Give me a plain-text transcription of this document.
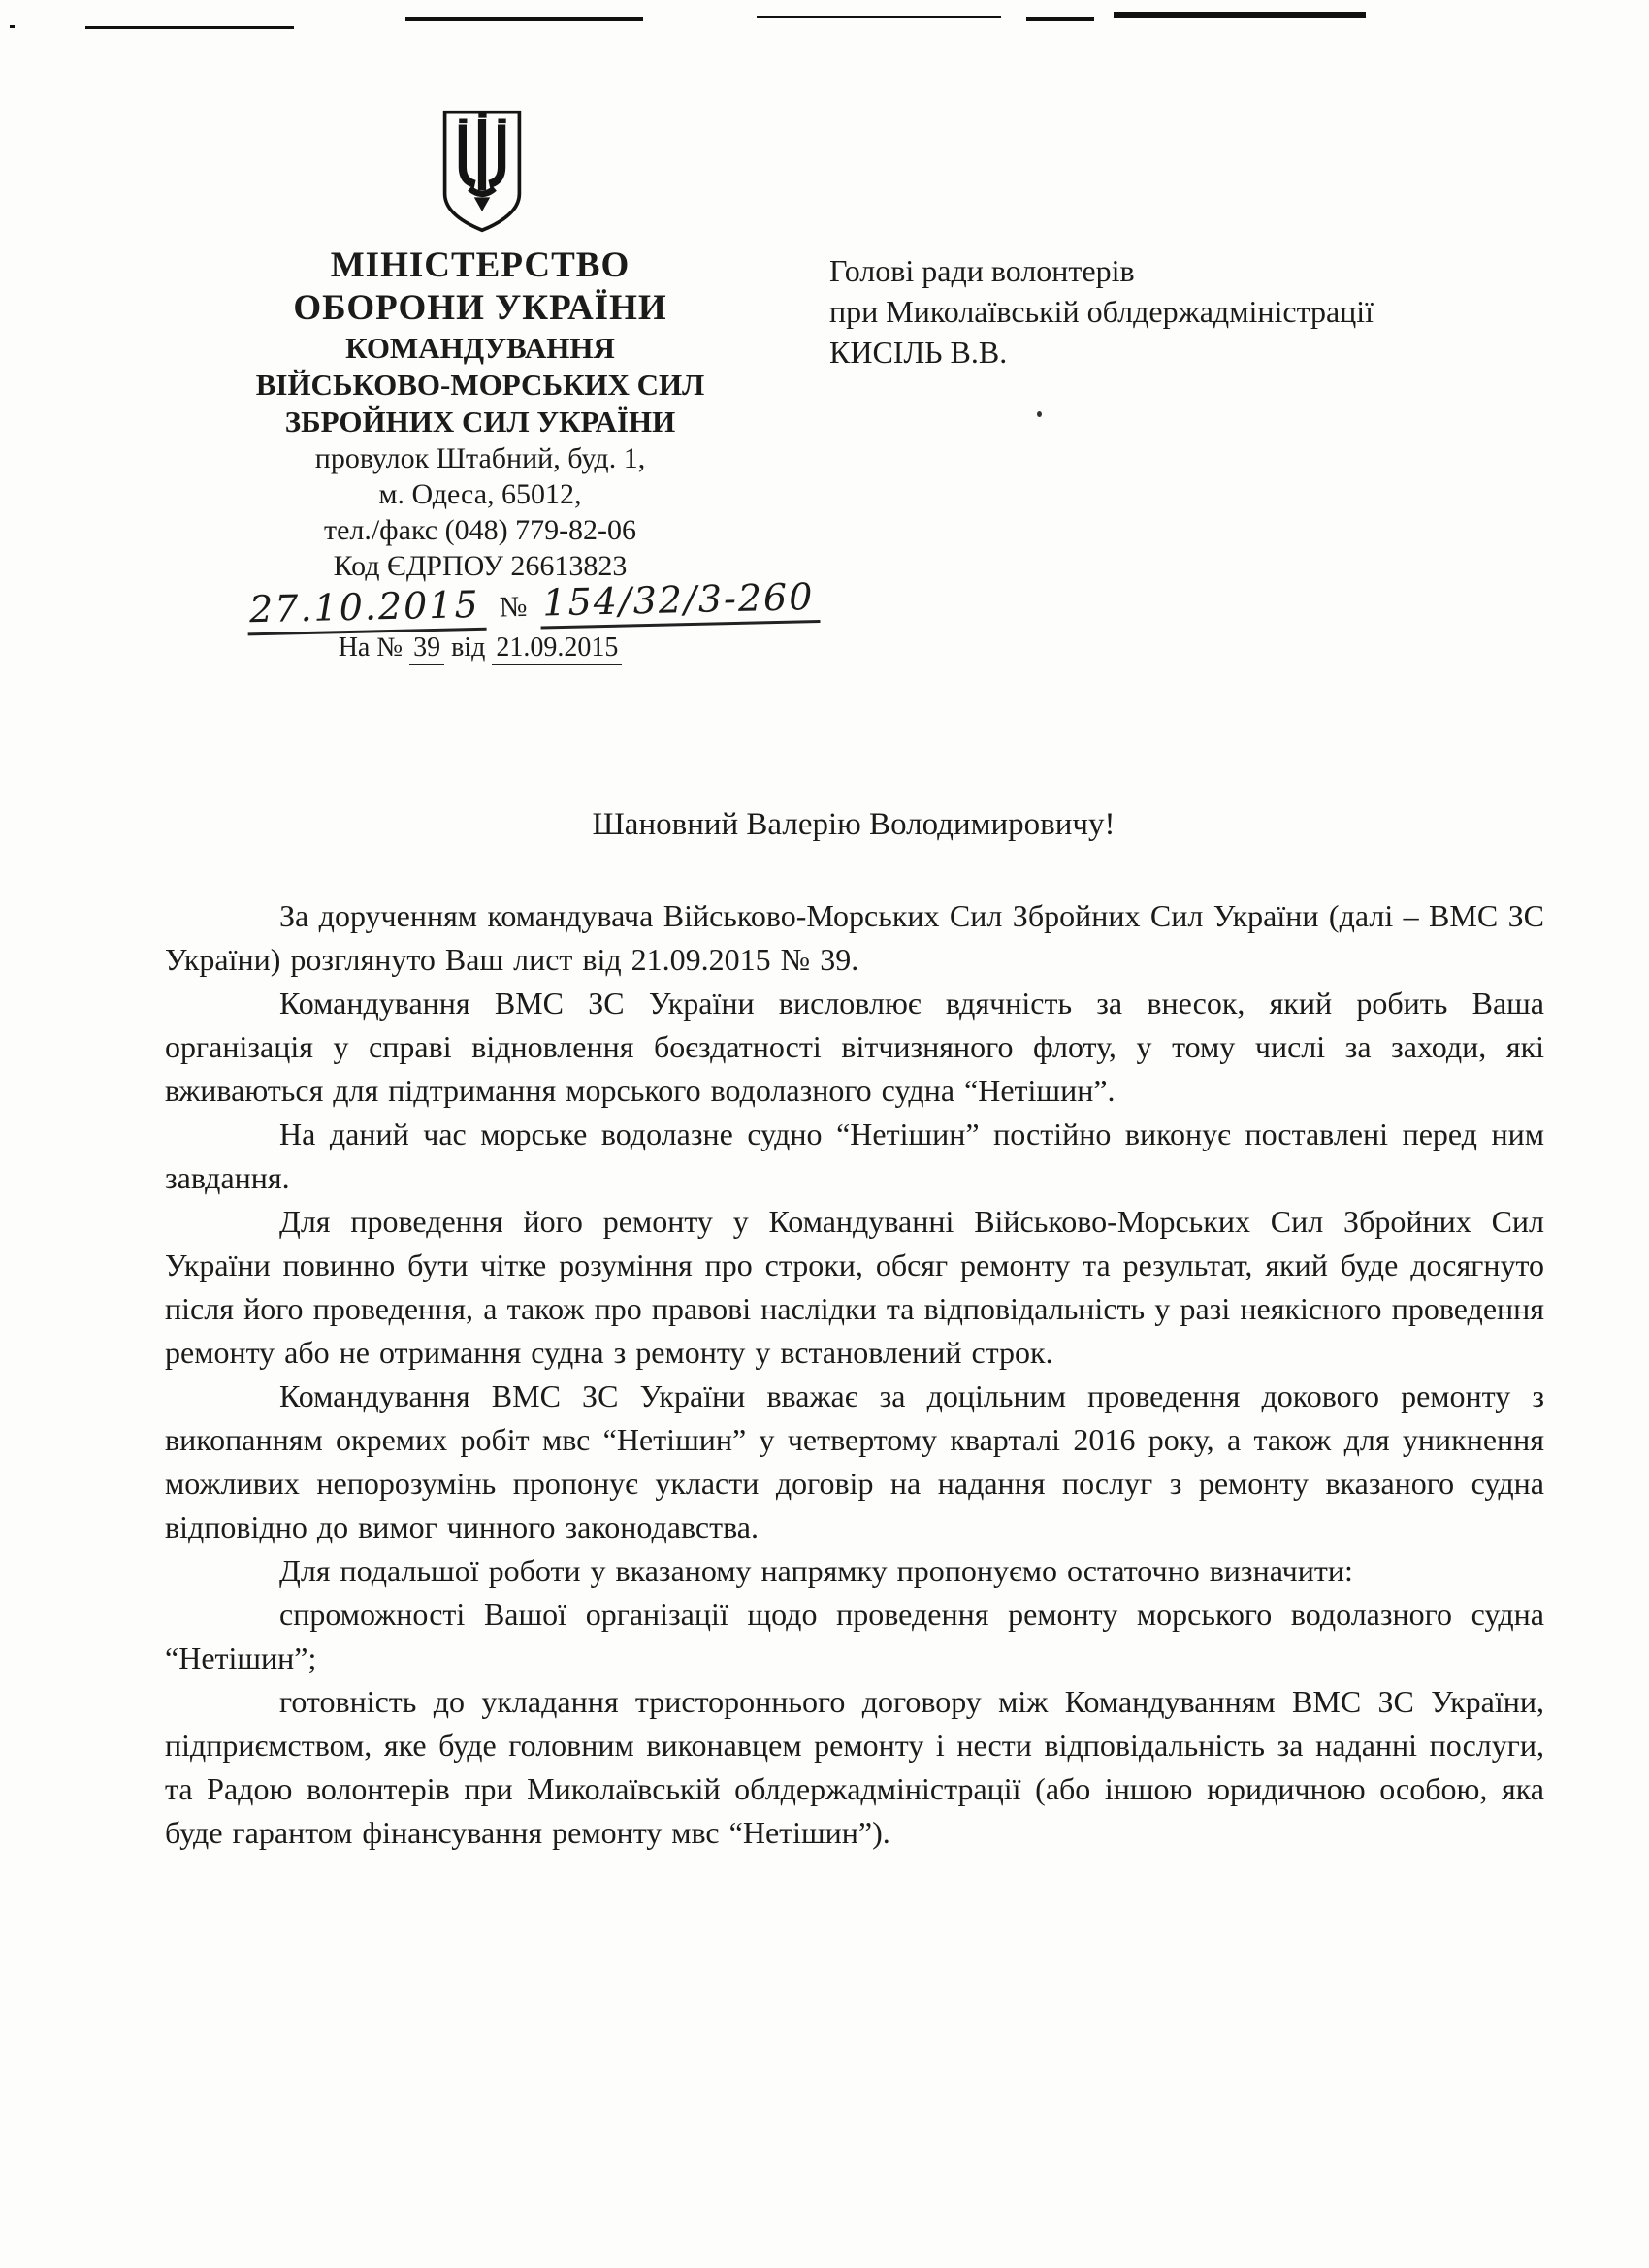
МІНІСТЕРСТВО
ОБОРОНИ УКРАЇНИ
КОМАНДУВАННЯ
ВІЙСЬКОВО-МОРСЬКИХ СИЛ
ЗБРОЙНИХ СИЛ УКРАЇНИ
провулок Штабний, буд. 1,
м. Одеса, 65012,
тел./факс (048) 779-82-06
Код ЄДРПОУ 26613823
27.10.2015 № 154/32/3-260
На № 39 від 21.09.2015
Голові ради волонтерів
при Миколаївській облдержадміністрації
КИСІЛЬ В.В.
Шановний Валерію Володимировичу!

За дорученням командувача Військово-Морських Сил Збройних Сил України (далі – ВМС ЗС України) розглянуто Ваш лист від 21.09.2015 № 39.

Командування ВМС ЗС України висловлює вдячність за внесок, який робить Ваша організація у справі відновлення боєздатності вітчизняного флоту, у тому числі за заходи, які вживаються для підтримання морського водолазного судна “Нетішин”.

На даний час морське водолазне судно “Нетішин” постійно виконує поставлені перед ним завдання.

Для проведення його ремонту у Командуванні Військово-Морських Сил Збройних Сил України повинно бути чітке розуміння про строки, обсяг ремонту та результат, який буде досягнуто після його проведення, а також про правові наслідки та відповідальність у разі неякісного проведення ремонту або не отримання судна з ремонту у встановлений строк.

Командування ВМС ЗС України вважає за доцільним проведення докового ремонту з викопанням окремих робіт мвс “Нетішин” у четвертому кварталі 2016 року, а також для уникнення можливих непорозумінь пропонує укласти договір на надання послуг з ремонту вказаного судна відповідно до вимог чинного законодавства.

Для подальшої роботи у вказаному напрямку пропонуємо остаточно визначити:

спроможності Вашої організації щодо проведення ремонту морського водолазного судна “Нетішин”;

готовність до укладання тристороннього договору між Командуванням ВМС ЗС України, підприємством, яке буде головним виконавцем ремонту і нести відповідальність за наданні послуги, та Радою волонтерів при Миколаївській облдержадміністрації (або іншою юридичною особою, яка буде гарантом фінансування ремонту мвс “Нетішин”).
